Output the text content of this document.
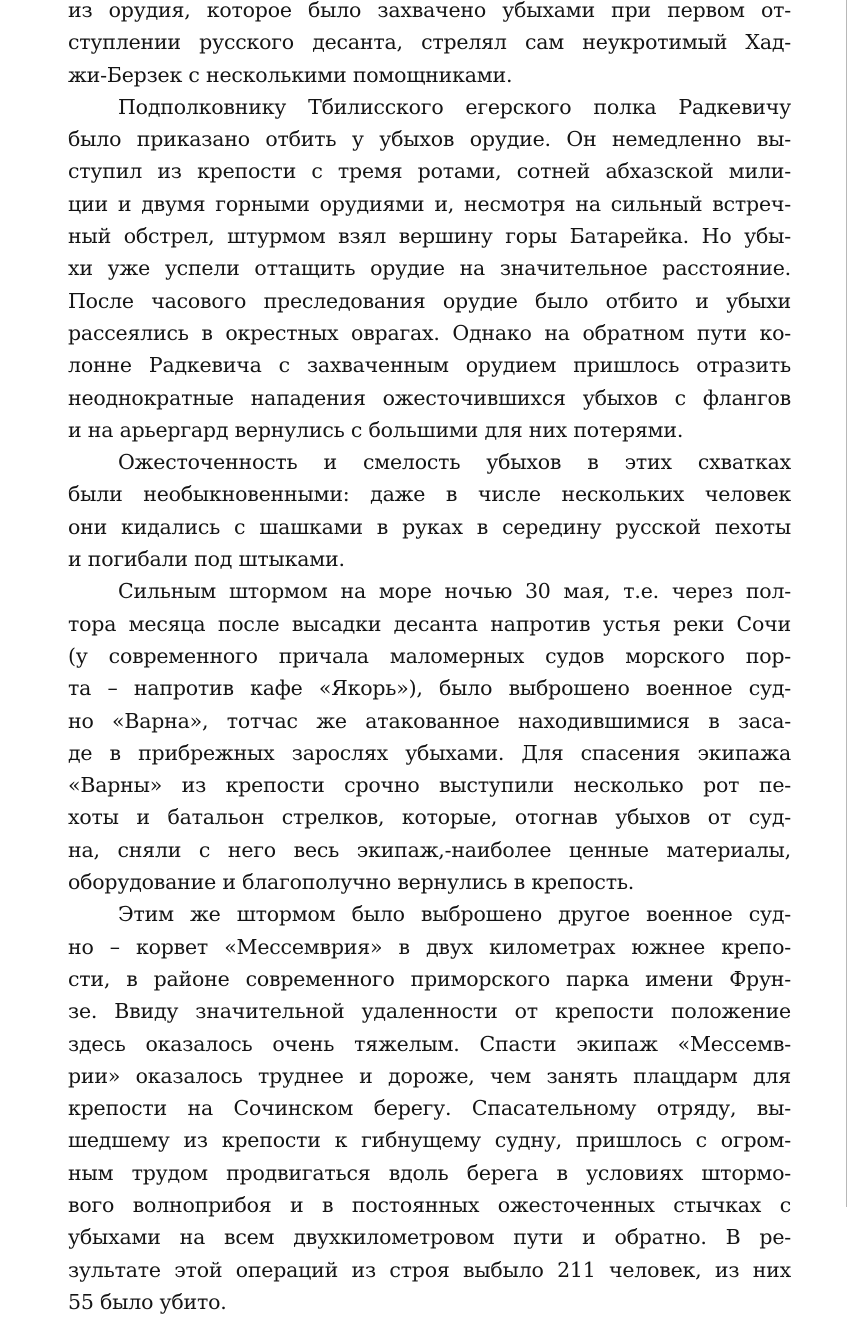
из орудия, которое было захвачено убыхами при первом от-
ступлении русского десанта, стрелял сам неукротимый Хад-
жи-Берзек с несколькими помощниками.

Подполковнику Тбилисского егерского полка Радкевичу
было приказано отбить у убыхов орудие. Он немедленно вы-
ступил из крепости с тремя ротами, сотней абхазской мили-
ции и двумя горными орудиями и, несмотря на сильный встреч-
ный обстрел, штурмом взял вершину горы Батарейка. Но убы-
хи уже успели оттащить орудие на значительное расстояние.
После часового преследования орудие было отбито и убыхи
рассеялись в окрестных оврагах. Однако на обратном пути ко-
лонне Радкевича с захваченным орудием пришлось отразить
неоднократные нападения ожесточившихся убыхов с флангов
и на арьергард вернулись с большими для них потерями.

Ожесточенность и смелость убыхов в этих схватках
были необыкновенными: даже в числе нескольких человек
они кидались с шашками в руках в середину русской пехоты
и погибали под штыками.

Сильным штормом на море ночью 30 мая, т.е. через пол-
тора месяца после высадки десанта напротив устья реки Сочи
(у современного причала маломерных судов морского пор-
та – напротив кафе «Якорь»), было выброшено военное суд-
но «Варна», тотчас же атакованное находившимися в заса-
де в прибрежных зарослях убыхами. Для спасения экипажа
«Варны» из крепости срочно выступили несколько рот пе-
хоты и батальон стрелков, которые, отогнав убыхов от суд-
на, сняли с него весь экипаж,-наиболее ценные материалы,
оборудование и благополучно вернулись в крепость.

Этим же штормом было выброшено другое военное суд-
но – корвет «Мессемврия» в двух километрах южнее крепо-
сти, в районе современного приморского парка имени Фрун-
зе. Ввиду значительной удаленности от крепости положение
здесь оказалось очень тяжелым. Спасти экипаж «Мессемв-
рии» оказалось труднее и дороже, чем занять плацдарм для
крепости на Сочинском берегу. Спасательному отряду, вы-
шедшему из крепости к гибнущему судну, пришлось с огром-
ным трудом продвигаться вдоль берега в условиях штормо-
вого волноприбоя и в постоянных ожесточенных стычках с
убыхами на всем двухкилометровом пути и обратно. В ре-
зультате этой операций из строя выбыло 211 человек, из них
55 было убито.
